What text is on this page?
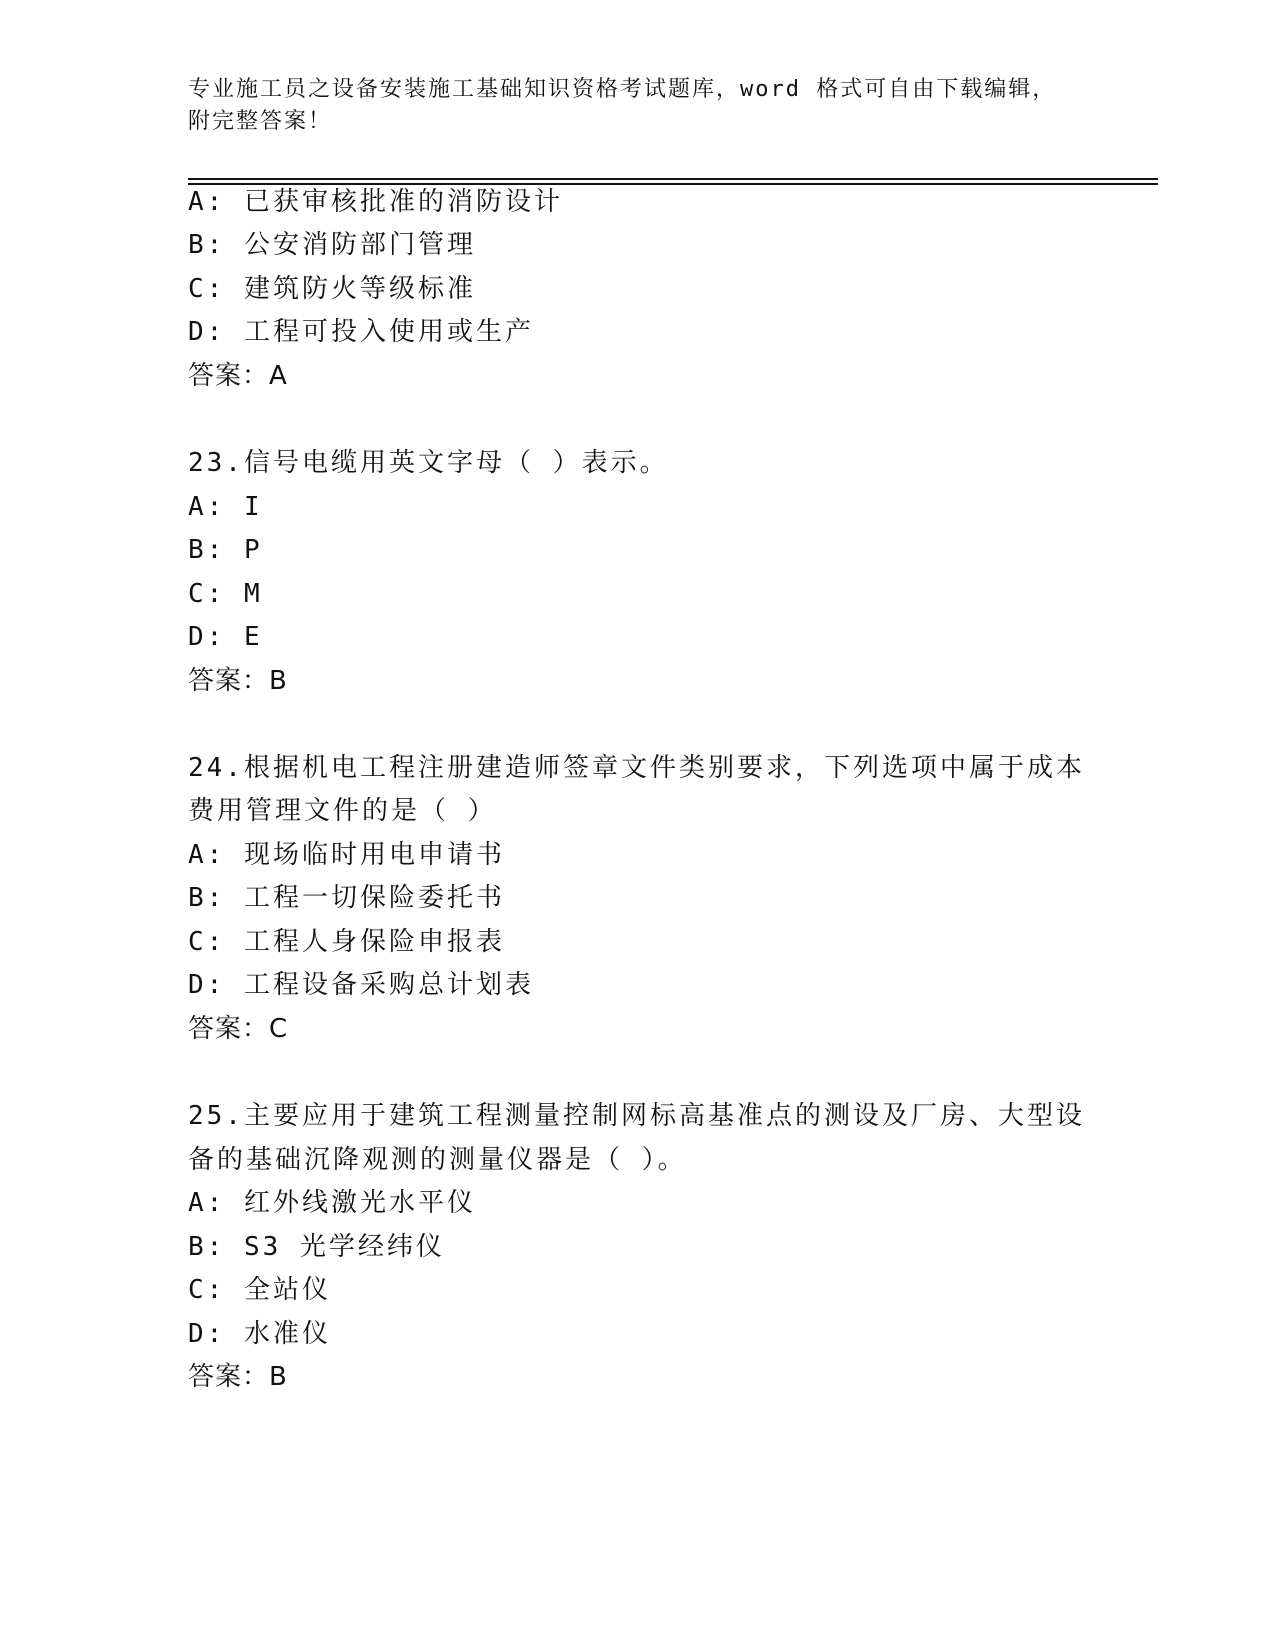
专业施工员之设备安装施工基础知识资格考试题库，word 格式可自由下载编辑，
附完整答案！
A: 已获审核批准的消防设计
B: 公安消防部门管理
C: 建筑防火等级标准
D: 工程可投入使用或生产
答案：A
23.信号电缆用英文字母（ ）表示。
A: I
B: P
C: M
D: E
答案：B
24.根据机电工程注册建造师签章文件类别要求，下列选项中属于成本
费用管理文件的是（ ）
A: 现场临时用电申请书
B: 工程一切保险委托书
C: 工程人身保险申报表
D: 工程设备采购总计划表
答案：C
25.主要应用于建筑工程测量控制网标高基准点的测设及厂房、大型设
备的基础沉降观测的测量仪器是（ ）。
A: 红外线激光水平仪
B: S3 光学经纬仪
C: 全站仪
D: 水准仪
答案：B
